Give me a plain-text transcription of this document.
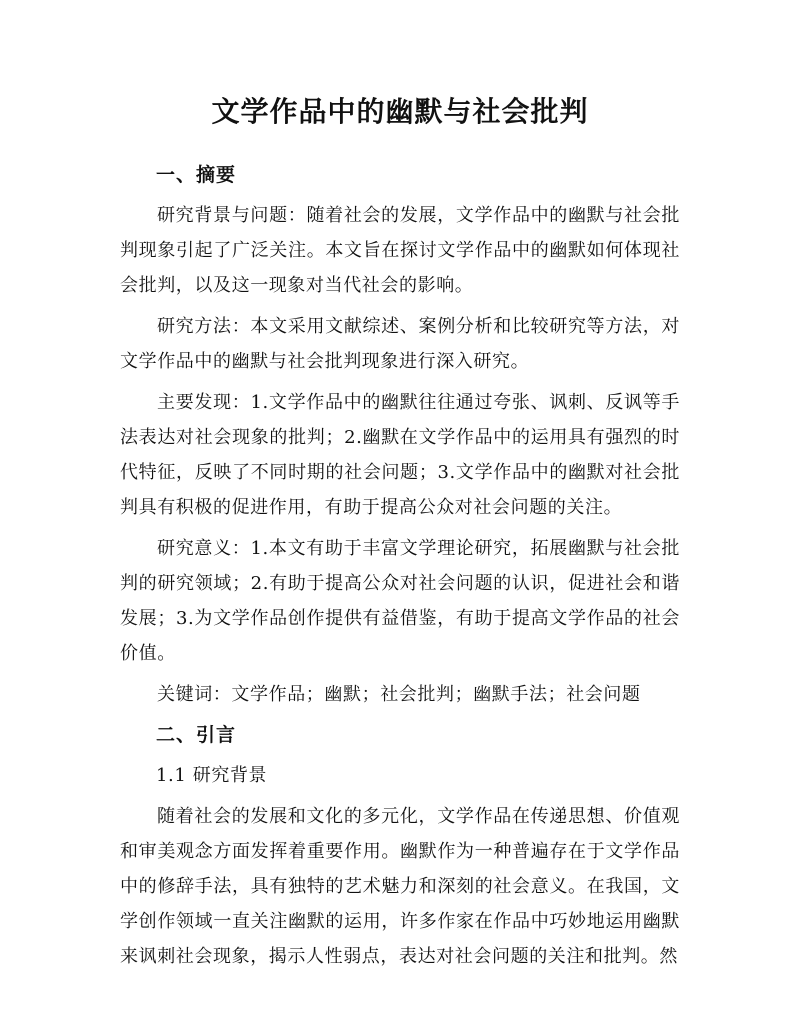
文学作品中的幽默与社会批判
一、摘要

研究背景与问题：随着社会的发展，文学作品中的幽默与社会批判现象引起了广泛关注。本文旨在探讨文学作品中的幽默如何体现社会批判，以及这一现象对当代社会的影响。

研究方法：本文采用文献综述、案例分析和比较研究等方法，对文学作品中的幽默与社会批判现象进行深入研究。

主要发现：1.文学作品中的幽默往往通过夸张、讽刺、反讽等手法表达对社会现象的批判；2.幽默在文学作品中的运用具有强烈的时代特征，反映了不同时期的社会问题；3.文学作品中的幽默对社会批判具有积极的促进作用，有助于提高公众对社会问题的关注。

研究意义：1.本文有助于丰富文学理论研究，拓展幽默与社会批判的研究领域；2.有助于提高公众对社会问题的认识，促进社会和谐发展；3.为文学作品创作提供有益借鉴，有助于提高文学作品的社会价值。

关键词：文学作品；幽默；社会批判；幽默手法；社会问题

二、引言
1.1 研究背景

随着社会的发展和文化的多元化，文学作品在传递思想、价值观和审美观念方面发挥着重要作用。幽默作为一种普遍存在于文学作品中的修辞手法，具有独特的艺术魅力和深刻的社会意义。在我国，文学创作领域一直关注幽默的运用，许多作家在作品中巧妙地运用幽默来讽刺社会现象，揭示人性弱点，表达对社会问题的关注和批判。然
